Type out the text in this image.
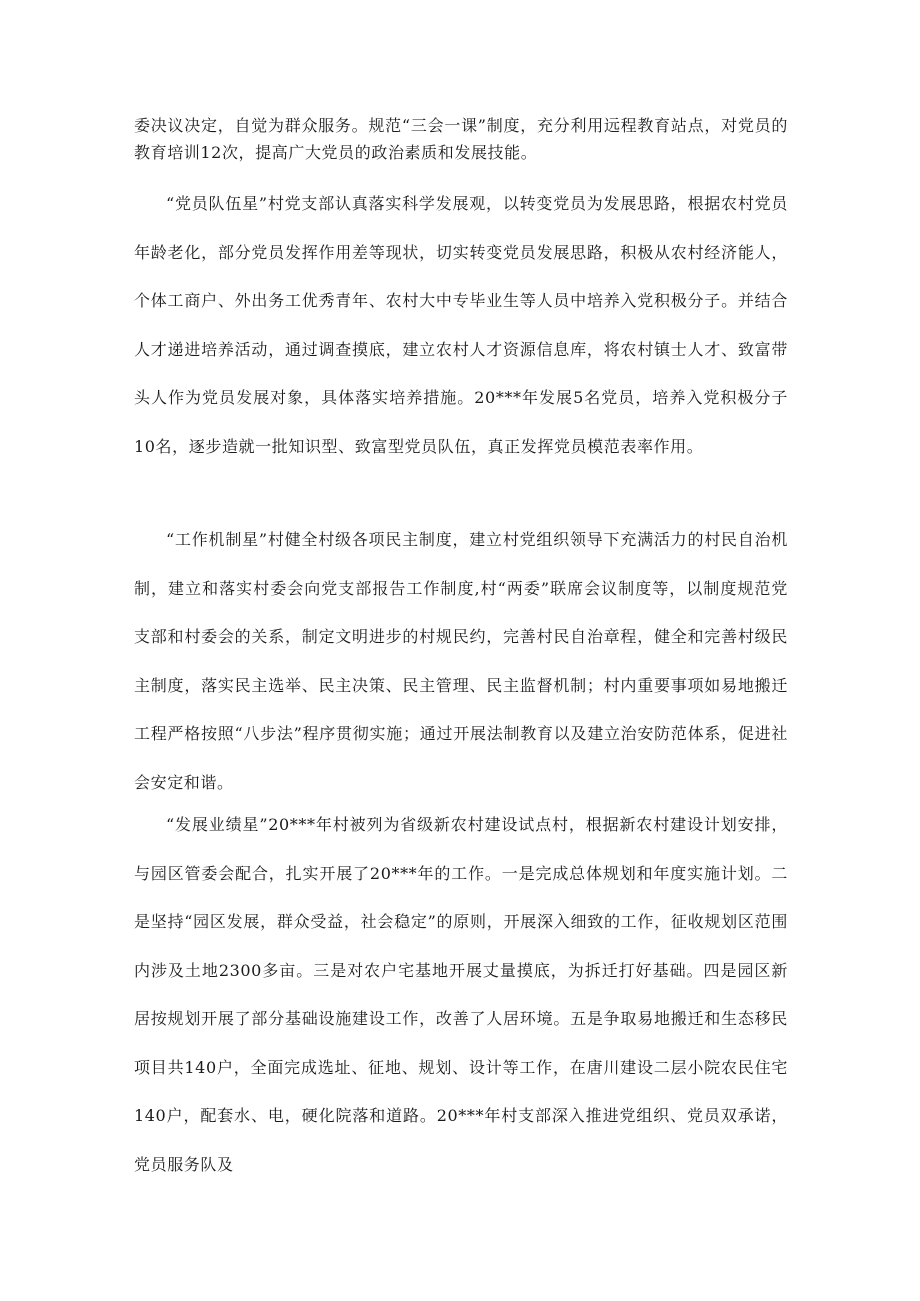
委决议决定，自觉为群众服务。规范“三会一课”制度，充分利用远程教育站点，对党员的教育培训12次，提高广大党员的政治素质和发展技能。

“党员队伍星”村党支部认真落实科学发展观，以转变党员为发展思路，根据农村党员年龄老化，部分党员发挥作用差等现状，切实转变党员发展思路，积极从农村经济能人，个体工商户、外出务工优秀青年、农村大中专毕业生等人员中培养入党积极分子。并结合人才递进培养活动，通过调查摸底，建立农村人才资源信息库，将农村镇士人才、致富带头人作为党员发展对象，具体落实培养措施。20***年发展5名党员，培养入党积极分子10名，逐步造就一批知识型、致富型党员队伍，真正发挥党员模范表率作用。

“工作机制星”村健全村级各项民主制度，建立村党组织领导下充满活力的村民自治机制，建立和落实村委会向党支部报告工作制度,村“两委”联席会议制度等，以制度规范党支部和村委会的关系，制定文明进步的村规民约，完善村民自治章程，健全和完善村级民主制度，落实民主选举、民主决策、民主管理、民主监督机制；村内重要事项如易地搬迁工程严格按照“八步法”程序贯彻实施；通过开展法制教育以及建立治安防范体系，促进社会安定和谐。

“发展业绩星”20***年村被列为省级新农村建设试点村，根据新农村建设计划安排，与园区管委会配合，扎实开展了20***年的工作。一是完成总体规划和年度实施计划。二是坚持“园区发展，群众受益，社会稳定”的原则，开展深入细致的工作，征收规划区范围内涉及土地2300多亩。三是对农户宅基地开展丈量摸底，为拆迁打好基础。四是园区新居按规划开展了部分基础设施建设工作，改善了人居环境。五是争取易地搬迁和生态移民项目共140户，全面完成选址、征地、规划、设计等工作，在唐川建设二层小院农民住宅140户，配套水、电，硬化院落和道路。20***年村支部深入推进党组织、党员双承诺，党员服务队及
